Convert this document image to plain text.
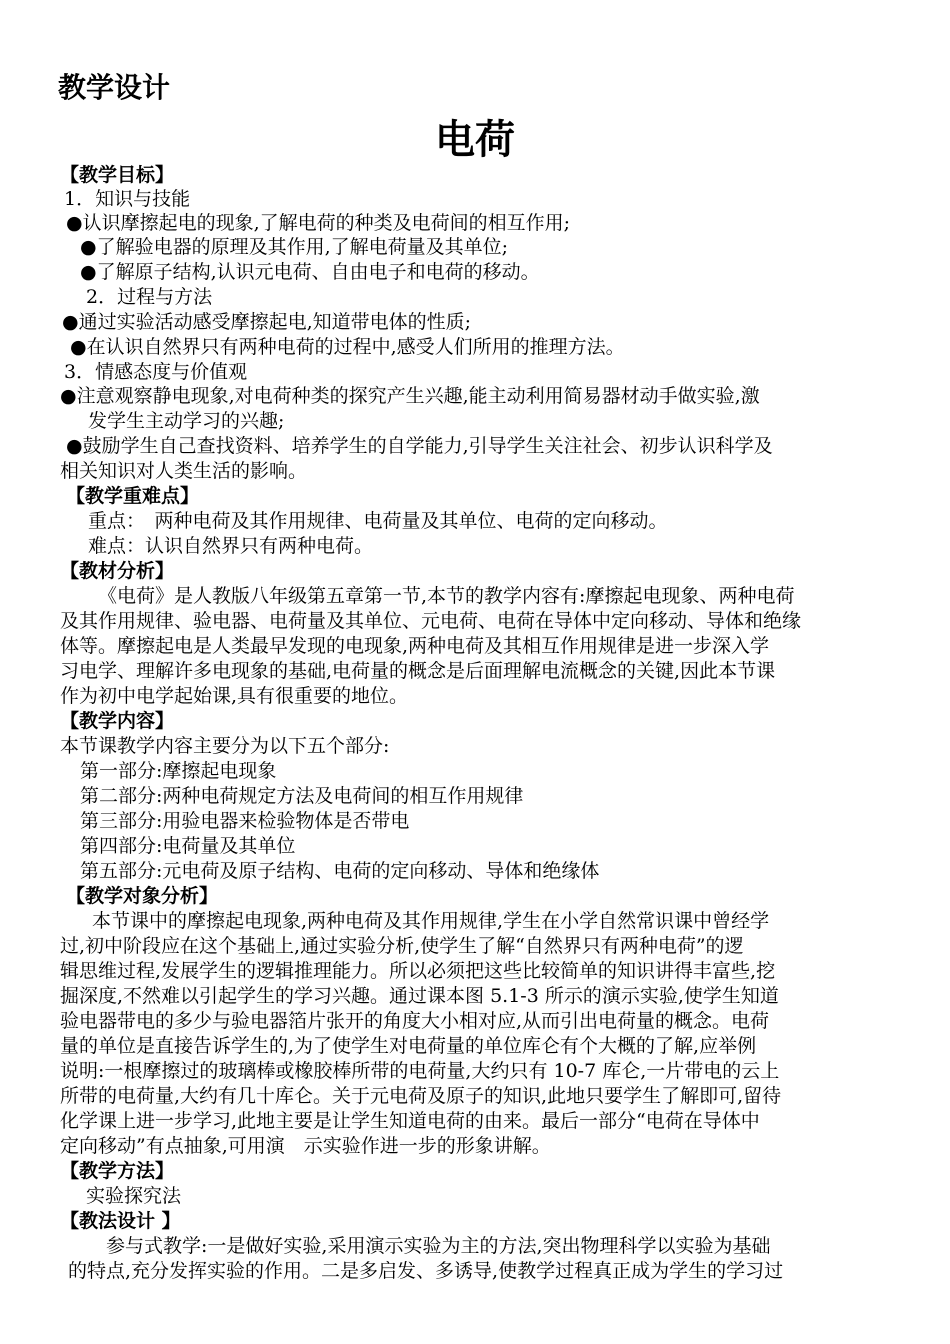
教学设计
电荷
【教学目标】
1．知识与技能
●认识摩擦起电的现象,了解电荷的种类及电荷间的相互作用;
●了解验电器的原理及其作用,了解电荷量及其单位;
●了解原子结构,认识元电荷、自由电子和电荷的移动。
2．过程与方法
●通过实验活动感受摩擦起电,知道带电体的性质;
●在认识自然界只有两种电荷的过程中,感受人们所用的推理方法。
3．情感态度与价值观
●注意观察静电现象,对电荷种类的探究产生兴趣,能主动利用简易器材动手做实验,激
发学生主动学习的兴趣;
●鼓励学生自己查找资料、培养学生的自学能力,引导学生关注社会、初步认识科学及
相关知识对人类生活的影响。
【教学重难点】
重点：　两种电荷及其作用规律、电荷量及其单位、电荷的定向移动。
难点：认识自然界只有两种电荷。
【教材分析】
《电荷》是人教版八年级第五章第一节,本节的教学内容有:摩擦起电现象、两种电荷
及其作用规律、验电器、电荷量及其单位、元电荷、电荷在导体中定向移动、导体和绝缘
体等。摩擦起电是人类最早发现的电现象,两种电荷及其相互作用规律是进一步深入学
习电学、理解许多电现象的基础,电荷量的概念是后面理解电流概念的关键,因此本节课
作为初中电学起始课,具有很重要的地位。
【教学内容】
本节课教学内容主要分为以下五个部分:
第一部分:摩擦起电现象
第二部分:两种电荷规定方法及电荷间的相互作用规律
第三部分:用验电器来检验物体是否带电
第四部分:电荷量及其单位
第五部分:元电荷及原子结构、电荷的定向移动、导体和绝缘体
【教学对象分析】
本节课中的摩擦起电现象,两种电荷及其作用规律,学生在小学自然常识课中曾经学
过,初中阶段应在这个基础上,通过实验分析,使学生了解“自然界只有两种电荷”的逻
辑思维过程,发展学生的逻辑推理能力。所以必须把这些比较简单的知识讲得丰富些,挖
掘深度,不然难以引起学生的学习兴趣。通过课本图 5.1-3 所示的演示实验,使学生知道
验电器带电的多少与验电器箔片张开的角度大小相对应,从而引出电荷量的概念。电荷
量的单位是直接告诉学生的,为了使学生对电荷量的单位库仑有个大概的了解,应举例
说明:一根摩擦过的玻璃棒或橡胶棒所带的电荷量,大约只有 10-7 库仑,一片带电的云上
所带的电荷量,大约有几十库仑。关于元电荷及原子的知识,此地只要学生了解即可,留待
化学课上进一步学习,此地主要是让学生知道电荷的由来。最后一部分“电荷在导体中
定向移动”有点抽象,可用演　示实验作进一步的形象讲解。
【教学方法】
实验探究法
【教法设计 】
参与式教学:一是做好实验,采用演示实验为主的方法,突出物理科学以实验为基础
的特点,充分发挥实验的作用。二是多启发、多诱导,使教学过程真正成为学生的学习过
